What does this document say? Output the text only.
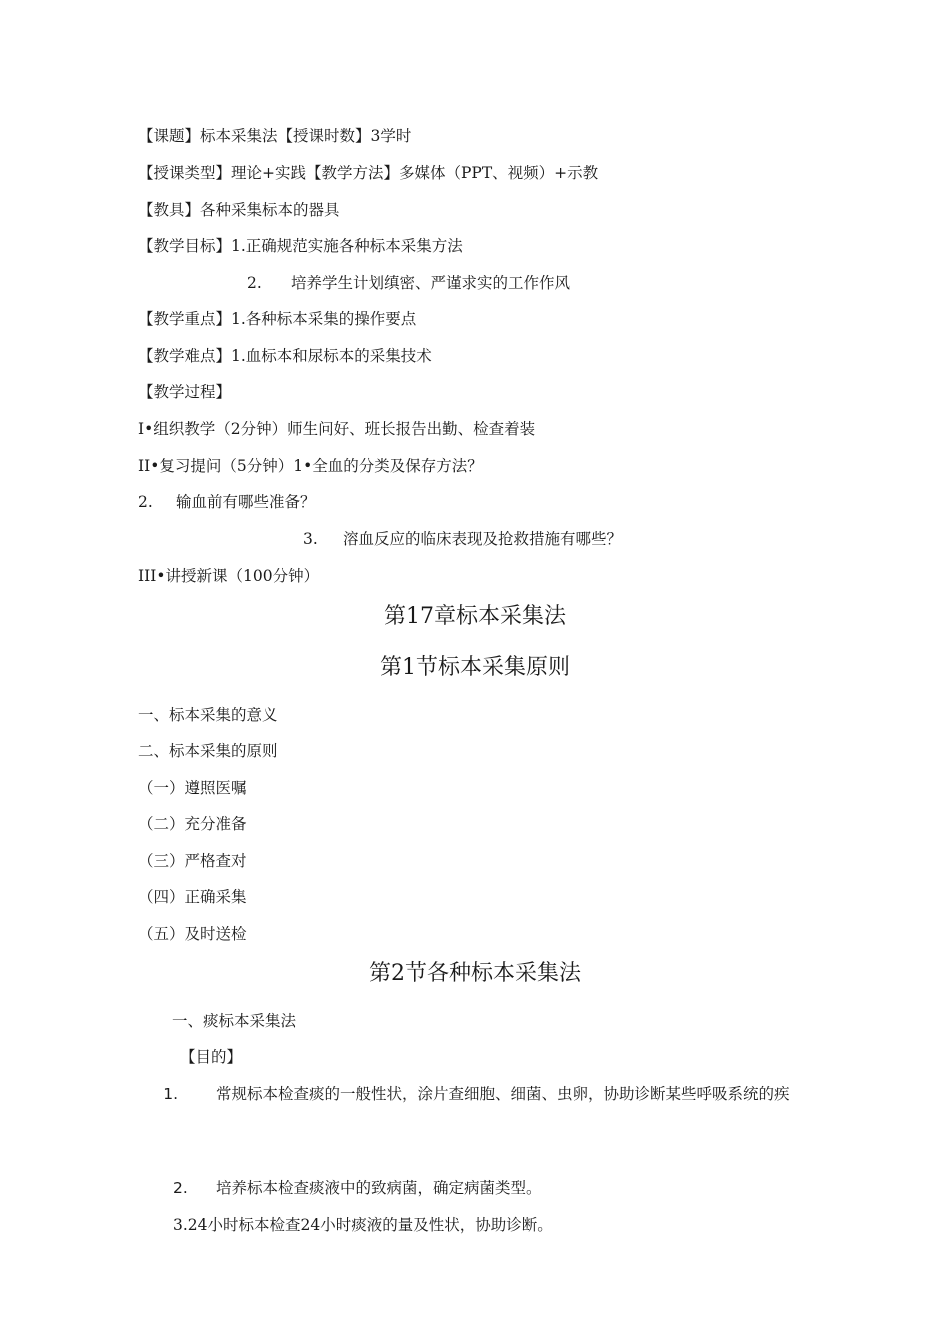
【课题】标本采集法【授课时数】3学时
【授课类型】理论+实践【教学方法】多媒体（PPT、视频）+示教
【教具】各种采集标本的器具
【教学目标】1.正确规范实施各种标本采集方法
2. 培养学生计划缜密、严谨求实的工作作风
【教学重点】1.各种标本采集的操作要点
【教学难点】1.血标本和尿标本的采集技术
【教学过程】
I•组织教学（2分钟）师生问好、班长报告出勤、检查着装
II•复习提问（5分钟）1•全血的分类及保存方法？
2. 输血前有哪些准备？
3. 溶血反应的临床表现及抢救措施有哪些？
III•讲授新课（100分钟）
第17章标本采集法
第1节标本采集原则
一、标本采集的意义
二、标本采集的原则
（一）遵照医嘱
（二）充分准备
（三）严格查对
（四）正确采集
（五）及时送检
第2节各种标本采集法
一、痰标本采集法
【目的】
1. 常规标本检查痰的一般性状，涂片查细胞、细菌、虫卵，协助诊断某些呼吸系统的疾
2. 培养标本检查痰液中的致病菌，确定病菌类型。
3.24小时标本检查24小时痰液的量及性状，协助诊断。
